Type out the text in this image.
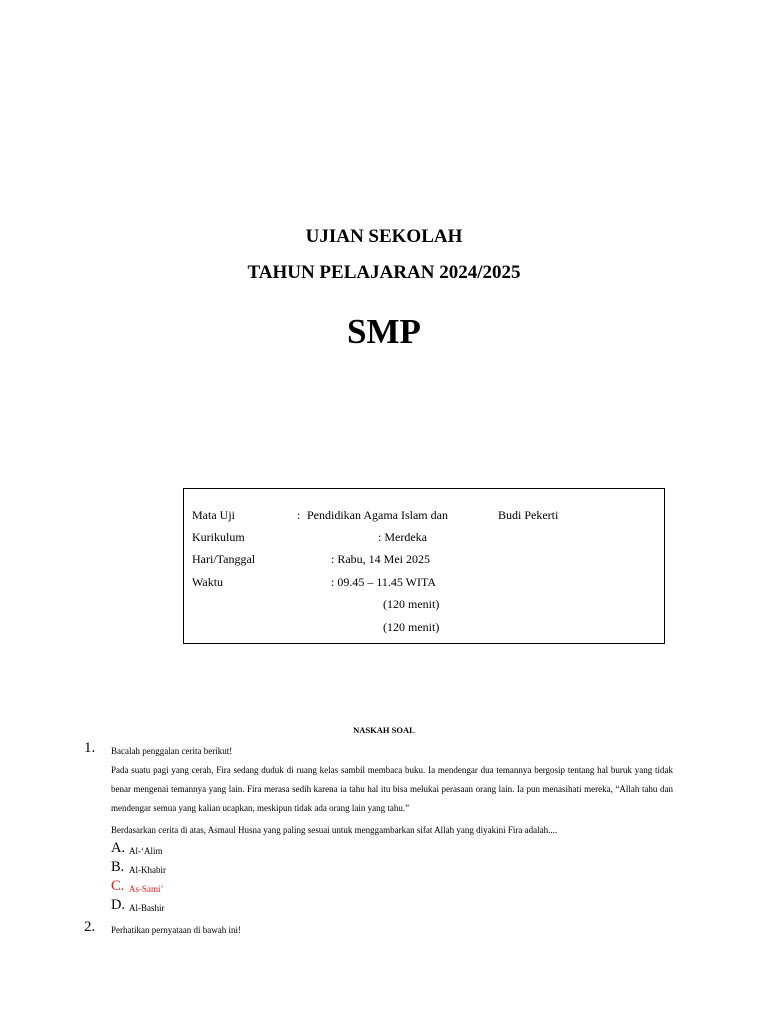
UJIAN SEKOLAH
TAHUN PELAJARAN 2024/2025
SMP
Mata Uji	: Pendidikan Agama Islam dan	Budi Pekerti
Kurikulum	: Merdeka
Hari/Tanggal	: Rabu, 14 Mei 2025
Waktu	: 09.45 – 11.45 WITA
(120 menit)
(120 menit)
NASKAH SOAL
1. Bacalah penggalan cerita berikut!
Pada suatu pagi yang cerah, Fira sedang duduk di ruang kelas sambil membaca buku. Ia mendengar dua temannya bergosip tentang hal buruk yang tidak benar mengenai temannya yang lain. Fira merasa sedih karena ia tahu hal itu bisa melukai perasaan orang lain. Ia pun menasihati mereka, “Allah tahu dan mendengar semua yang kalian ucapkan, meskipun tidak ada orang lain yang tahu.”
Berdasarkan cerita di atas, Asmaul Husna yang paling sesuai untuk menggambarkan sifat Allah yang diyakini Fira adalah....
A. Al-‘Alim
B. Al-Khabir
C. As-Sami’
D. Al-Bashir
2. Perhatikan pernyataan di bawah ini!
